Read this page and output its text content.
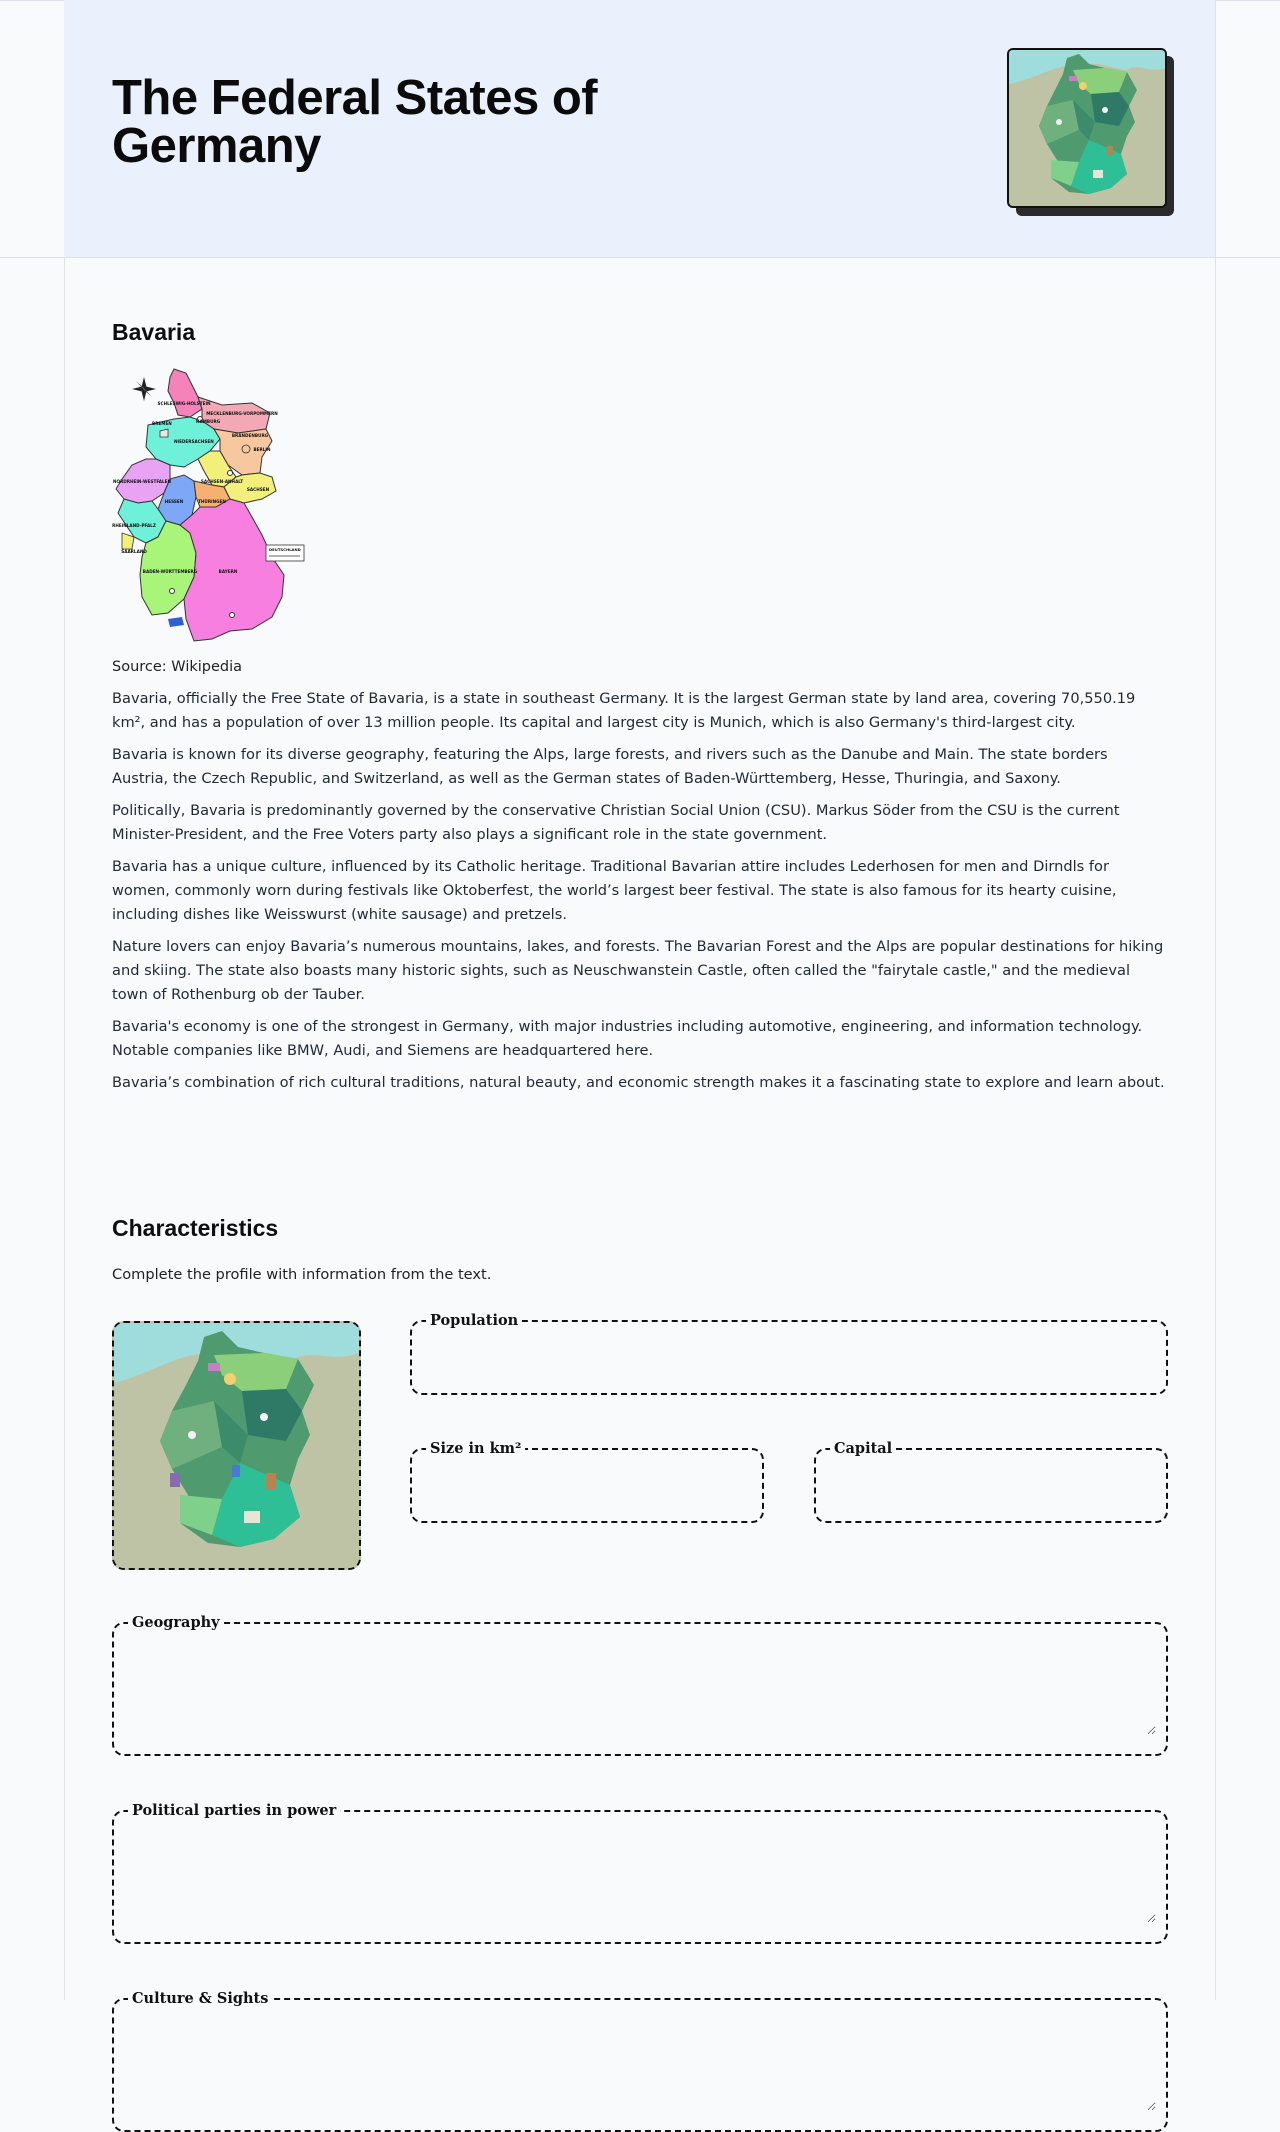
The Federal States of Germany
Bavaria
SCHLESWIG-HOLSTEIN
MECKLENBURG-VORPOMMERN
HAMBURG
BREMEN
NIEDERSACHSEN
BRANDENBURG
BERLIN
NORDRHEIN-WESTFALEN	SACHSEN-ANHALT
SACHSEN
HESSEN	THÜRINGEN
RHEINLAND-PFALZ
SAARLAND
BADEN-WÜRTTEMBERG	BAYERN
DEUTSCHLAND
Source: Wikipedia

Bavaria, officially the Free State of Bavaria, is a state in southeast Germany. It is the largest German state by land area, covering 70,550.19 km², and has a population of over 13 million people. Its capital and largest city is Munich, which is also Germany's third-largest city.

Bavaria is known for its diverse geography, featuring the Alps, large forests, and rivers such as the Danube and Main. The state borders Austria, the Czech Republic, and Switzerland, as well as the German states of Baden-Württemberg, Hesse, Thuringia, and Saxony.

Politically, Bavaria is predominantly governed by the conservative Christian Social Union (CSU). Markus Söder from the CSU is the current Minister-President, and the Free Voters party also plays a significant role in the state government.

Bavaria has a unique culture, influenced by its Catholic heritage. Traditional Bavarian attire includes Lederhosen for men and Dirndls for women, commonly worn during festivals like Oktoberfest, the world’s largest beer festival. The state is also famous for its hearty cuisine, including dishes like Weisswurst (white sausage) and pretzels.

Nature lovers can enjoy Bavaria’s numerous mountains, lakes, and forests. The Bavarian Forest and the Alps are popular destinations for hiking and skiing. The state also boasts many historic sights, such as Neuschwanstein Castle, often called the "fairytale castle," and the medieval town of Rothenburg ob der Tauber.

Bavaria's economy is one of the strongest in Germany, with major industries including automotive, engineering, and information technology. Notable companies like BMW, Audi, and Siemens are headquartered here.

Bavaria’s combination of rich cultural traditions, natural beauty, and economic strength makes it a fascinating state to explore and learn about.

Characteristics
Complete the profile with information from the text.
Population
Size in km²	Capital
Geography
Political parties in power
Culture & Sights
